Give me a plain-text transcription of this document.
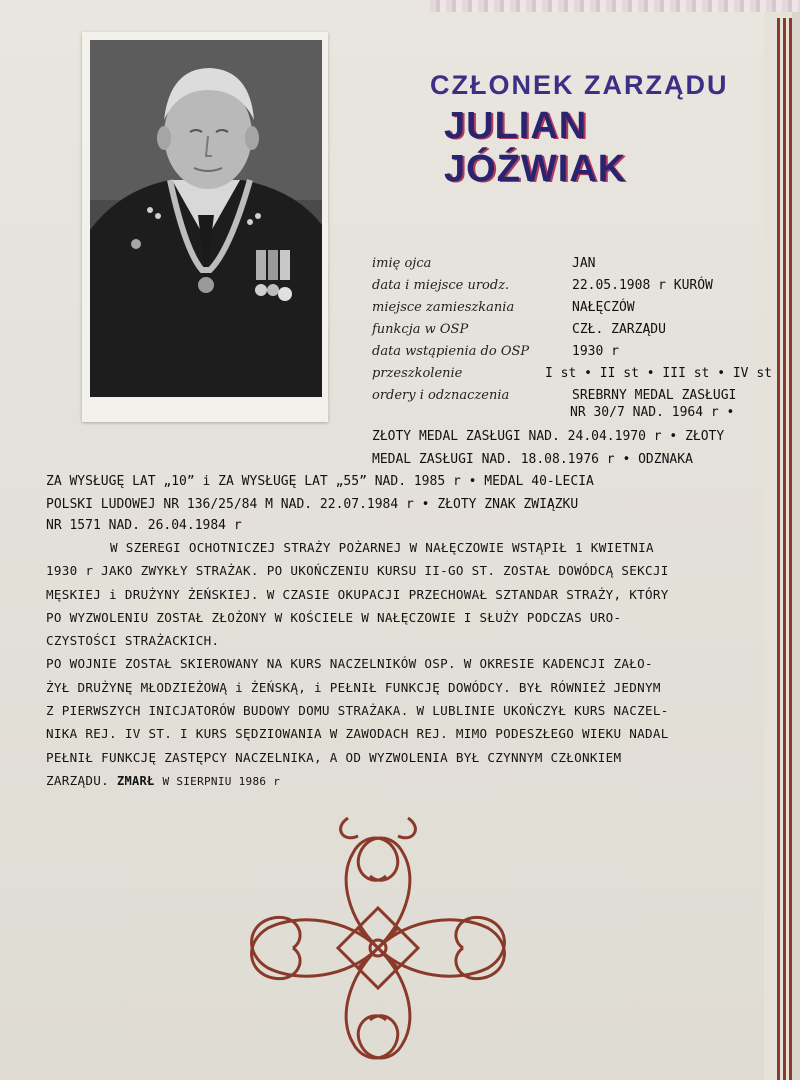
CZŁONEK ZARZĄDU
JULIAN JÓŹWIAK
imię ojca	JAN
data i miejsce urodz.	22.05.1908 r KURÓW
miejsce zamieszkania	NAŁĘCZÓW
funkcja w OSP	CZŁ. ZARZĄDU
data wstąpienia do OSP	1930 r
przeszkolenie	I st • II st • III st • IV st
ordery i odznaczenia	SREBRNY MEDAL ZASŁUGI
NR 30/7 NAD. 1964 r •
ZŁOTY MEDAL ZASŁUGI NAD. 24.04.1970 r • ZŁOTY
MEDAL ZASŁUGI NAD. 18.08.1976 r • ODZNAKA
ZA WYSŁUGĘ LAT „10” i ZA WYSŁUGĘ LAT „55” NAD. 1985 r • MEDAL 40-LECIA
POLSKI LUDOWEJ NR 136/25/84 M NAD. 22.07.1984 r • ZŁOTY ZNAK ZWIĄZKU
NR 1571 NAD. 26.04.1984 r
W SZEREGI OCHOTNICZEJ STRAŻY POŻARNEJ W NAŁĘCZOWIE WSTĄPIŁ 1 KWIETNIA
1930 r JAKO ZWYKŁY STRAŻAK. PO UKOŃCZENIU KURSU II-GO ST. ZOSTAŁ DOWÓDCĄ SEKCJI
MĘSKIEJ i DRUŻYNY ŻEŃSKIEJ. W CZASIE OKUPACJI PRZECHOWAŁ SZTANDAR STRAŻY, KTÓRY
PO WYZWOLENIU ZOSTAŁ ZŁOŻONY W KOŚCIELE W NAŁĘCZOWIE I SŁUŻY PODCZAS URO-
CZYSTOŚCI STRAŻACKICH.
PO WOJNIE ZOSTAŁ SKIEROWANY NA KURS NACZELNIKÓW OSP. W OKRESIE KADENCJI ZAŁO-
ŻYŁ DRUŻYNĘ MŁODZIEŻOWĄ i ŻEŃSKĄ, i PEŁNIŁ FUNKCJĘ DOWÓDCY. BYŁ RÓWNIEŻ JEDNYM
Z PIERWSZYCH INICJATORÓW BUDOWY DOMU STRAŻAKA. W LUBLINIE UKOŃCZYŁ KURS NACZEL-
NIKA REJ. IV ST. I KURS SĘDZIOWANIA W ZAWODACH REJ. MIMO PODESZŁEGO WIEKU NADAL
PEŁNIŁ FUNKCJĘ ZASTĘPCY NACZELNIKA, A OD WYZWOLENIA BYŁ CZYNNYM CZŁONKIEM
ZARZĄDU. ZMARŁ W SIERPNIU 1986 r
